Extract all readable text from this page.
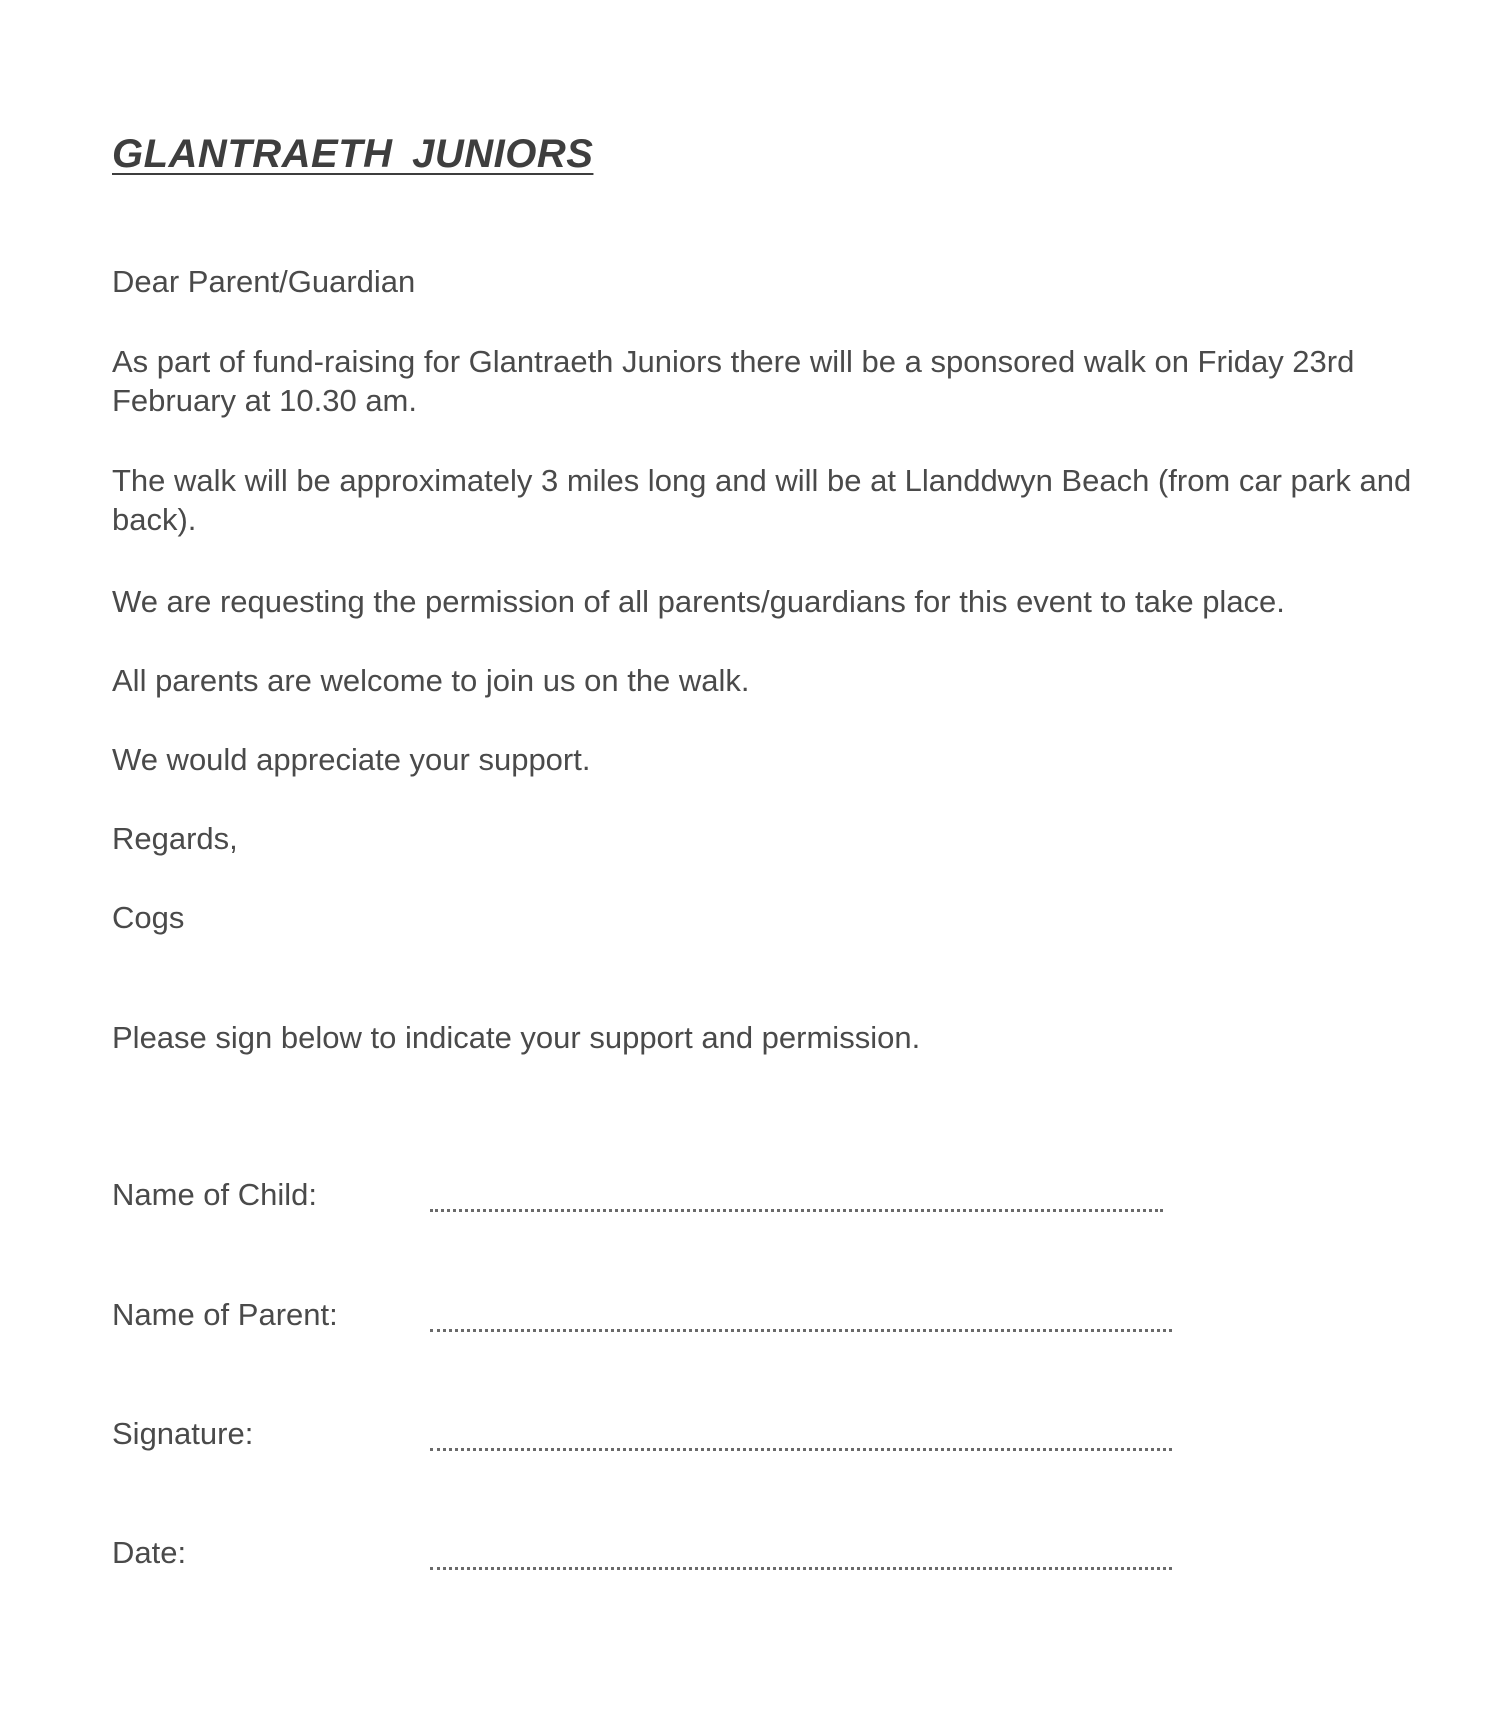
GLANTRAETH JUNIORS

Dear Parent/Guardian

As part of fund-raising for Glantraeth Juniors there will be a sponsored walk on Friday 23rd February at 10.30 am.

The walk will be approximately 3 miles long and will be at Llanddwyn Beach (from car park and back).

We are requesting the permission of all parents/guardians for this event to take place.

All parents are welcome to join us on the walk.

We would appreciate your support.

Regards,

Cogs

Please sign below to indicate your support and permission.

Name of Child:
Name of Parent:
Signature:
Date:
